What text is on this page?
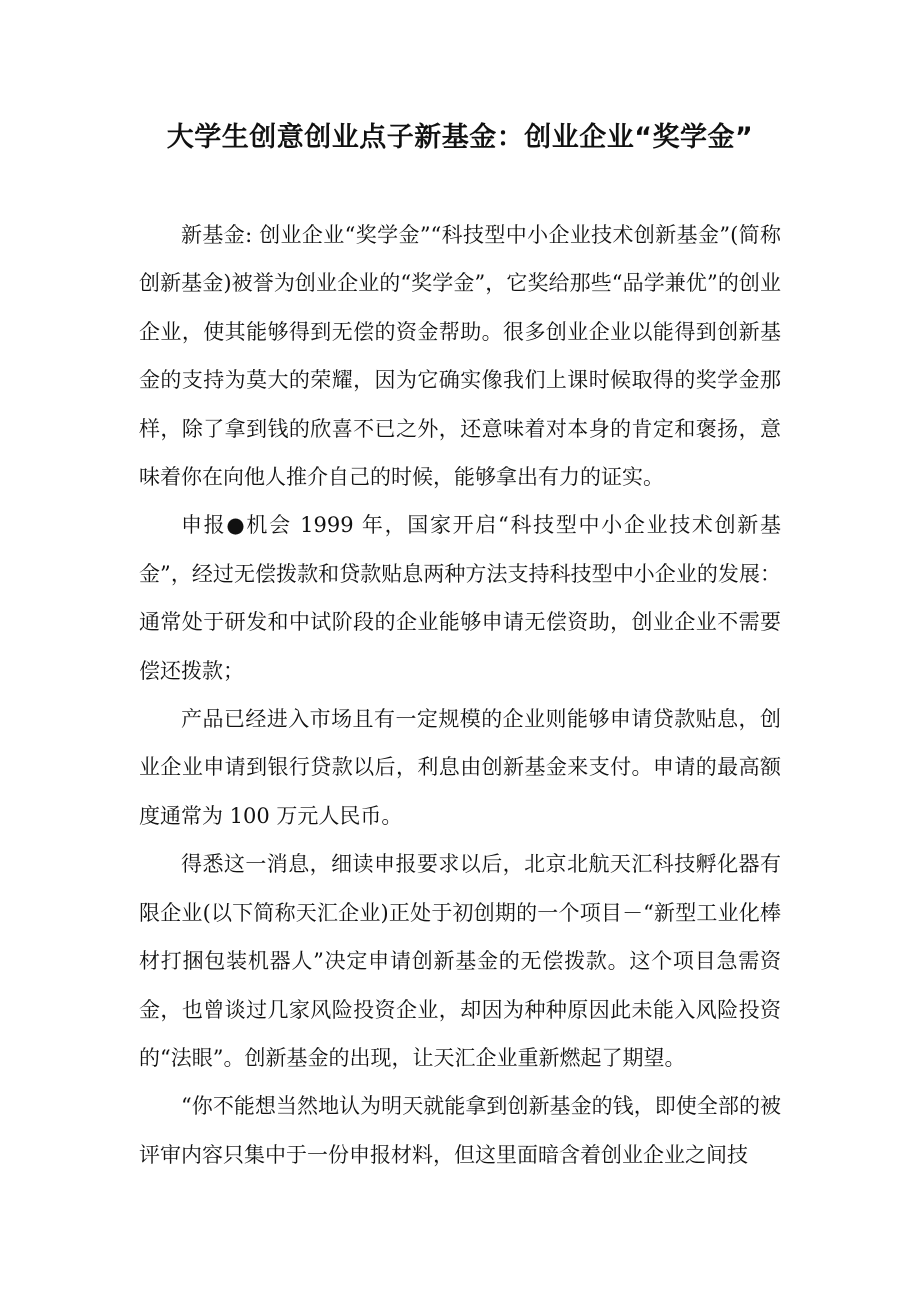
大学生创意创业点子新基金：创业企业“奖学金”

新基金: 创业企业“奖学金”“科技型中小企业技术创新基金”(简称创新基金)被誉为创业企业的“奖学金”，它奖给那些“品学兼优”的创业企业，使其能够得到无偿的资金帮助。很多创业企业以能得到创新基金的支持为莫大的荣耀，因为它确实像我们上课时候取得的奖学金那样，除了拿到钱的欣喜不已之外，还意味着对本身的肯定和褒扬，意味着你在向他人推介自己的时候，能够拿出有力的证实。

申报●机会 1999 年，国家开启“科技型中小企业技术创新基金”，经过无偿拨款和贷款贴息两种方法支持科技型中小企业的发展：通常处于研发和中试阶段的企业能够申请无偿资助，创业企业不需要偿还拨款；

产品已经进入市场且有一定规模的企业则能够申请贷款贴息，创业企业申请到银行贷款以后，利息由创新基金来支付。申请的最高额度通常为 100 万元人民币。

得悉这一消息，细读申报要求以后，北京北航天汇科技孵化器有限企业(以下简称天汇企业)正处于初创期的一个项目－“新型工业化棒材打捆包装机器人”决定申请创新基金的无偿拨款。这个项目急需资金，也曾谈过几家风险投资企业，却因为种种原因此未能入风险投资的“法眼”。创新基金的出现，让天汇企业重新燃起了期望。

“你不能想当然地认为明天就能拿到创新基金的钱，即使全部的被评审内容只集中于一份申报材料，但这里面暗含着创业企业之间技
